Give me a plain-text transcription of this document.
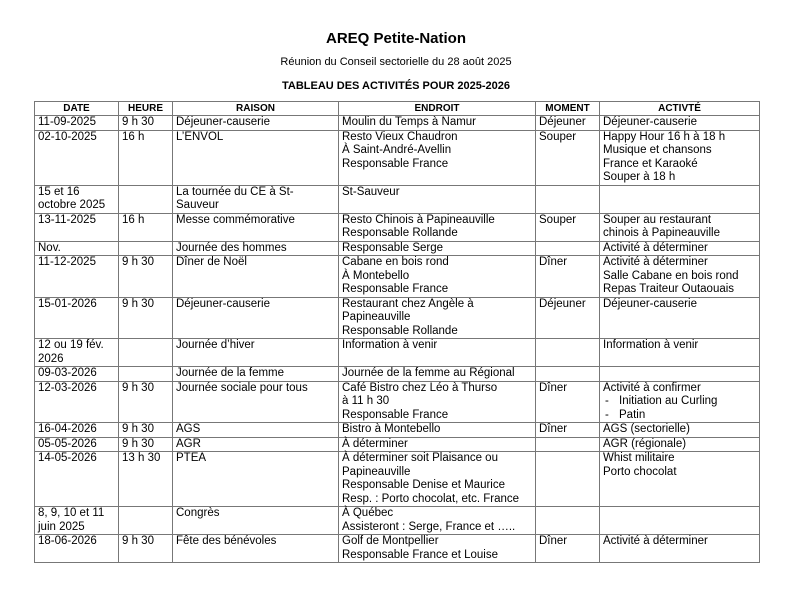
AREQ Petite-Nation
Réunion du Conseil sectorielle du 28 août 2025
TABLEAU DES ACTIVITÉS POUR 2025-2026
DATE	HEURE	RAISON	ENDROIT	MOMENT	ACTIVTÉ

11-09-2025	9 h 30	Déjeuner-causerie	Moulin du Temps à Namur	Déjeuner	Déjeuner-causerie

02-10-2025	16 h	L’ENVOL	Resto Vieux Chaudron
À Saint-André-Avellin
Responsable France	Souper	Happy Hour 16 h à 18 h
Musique et chansons
France et Karaoké
Souper à 18 h

15 et 16 octobre 2025		La tournée du CE à St-Sauveur	St-Sauveur		

13-11-2025	16 h	Messe commémorative	Resto Chinois à Papineauville
Responsable Rollande	Souper	Souper au restaurant
chinois à Papineauville

Nov.		Journée des hommes	Responsable Serge		Activité à déterminer

11-12-2025	9 h 30	Dîner de Noël	Cabane en bois rond
À Montebello
Responsable France	Dîner	Activité à déterminer
Salle Cabane en bois rond
Repas Traiteur Outaouais

15-01-2026	9 h 30	Déjeuner-causerie	Restaurant chez Angèle à
Papineauville
Responsable Rollande	Déjeuner	Déjeuner-causerie

12 ou 19 fév. 2026		Journée d’hiver	Information à venir		Information à venir

09-03-2026		Journée de la femme	Journée de la femme au Régional		

12-03-2026	9 h 30	Journée sociale pour tous	Café Bistro chez Léo à Thurso
à 11 h 30
Responsable France	Dîner	Activité à confirmer
- Initiation au Curling
- Patin

16-04-2026	9 h 30	AGS	Bistro à Montebello	Dîner	AGS (sectorielle)

05-05-2026	9 h 30	AGR	À déterminer		AGR (régionale)

14-05-2026	13 h 30	PTEA	À déterminer soit Plaisance ou
Papineauville
Responsable Denise et Maurice
Resp. : Porto chocolat, etc. France		Whist militaire
Porto chocolat

8, 9, 10 et 11 juin 2025		Congrès	À Québec
Assisteront : Serge, France et …..		

18-06-2026	9 h 30	Fête des bénévoles	Golf de Montpellier
Responsable France et Louise	Dîner	Activité à déterminer
